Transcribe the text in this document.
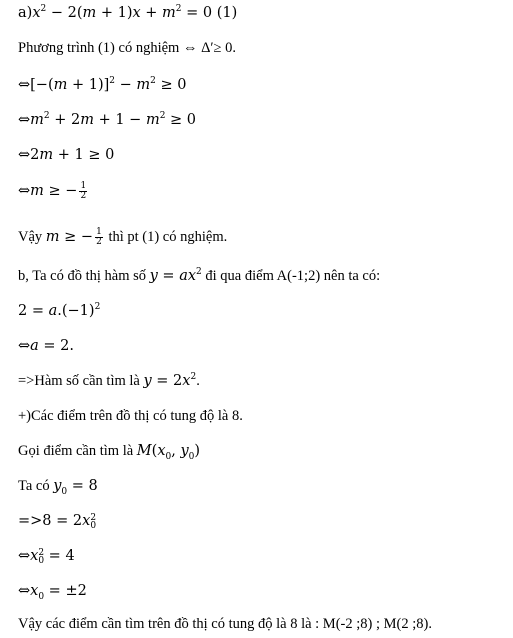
$a)x^2 - 2(m + 1)x + m^2 = 0$ (1)
Phương trình (1) có nghiệm ⇔ Δ′≥ 0.
⇔[−(m + $1)]^2 - m^2 \ge 0$
$\Leftrightarrow m^2 + 2m + 1 - m^2 \ge 0$
⇔2m + 1 ≥ 0
⇔m ≥ − $\frac{1}{2}$
Vậy m ≥ − $\frac{1}{2}$ thì pt (1) có nghiệm.
b, Ta có đồ thị hàm số $y = ax^2$ đi qua điểm A(-1;2) nên ta có:
$2 = a.(-1)^2$
⇔a = 2.
=>Hàm số cần tìm là $y = 2x^2$.
+)Các điểm trên đồ thị có tung độ là 8.
Gọi điểm cần tìm là $M(x_0$, $y_0$)
Ta có $y_0 = 8$
=>8 = 2x 2
0
⇔x 2
0 = 4
$\Leftrightarrow x_0 = \pm 2$
Vậy các điểm cần tìm trên đồ thị có tung độ là 8 là : M(-2 ;8) ; M(2 ;8).
